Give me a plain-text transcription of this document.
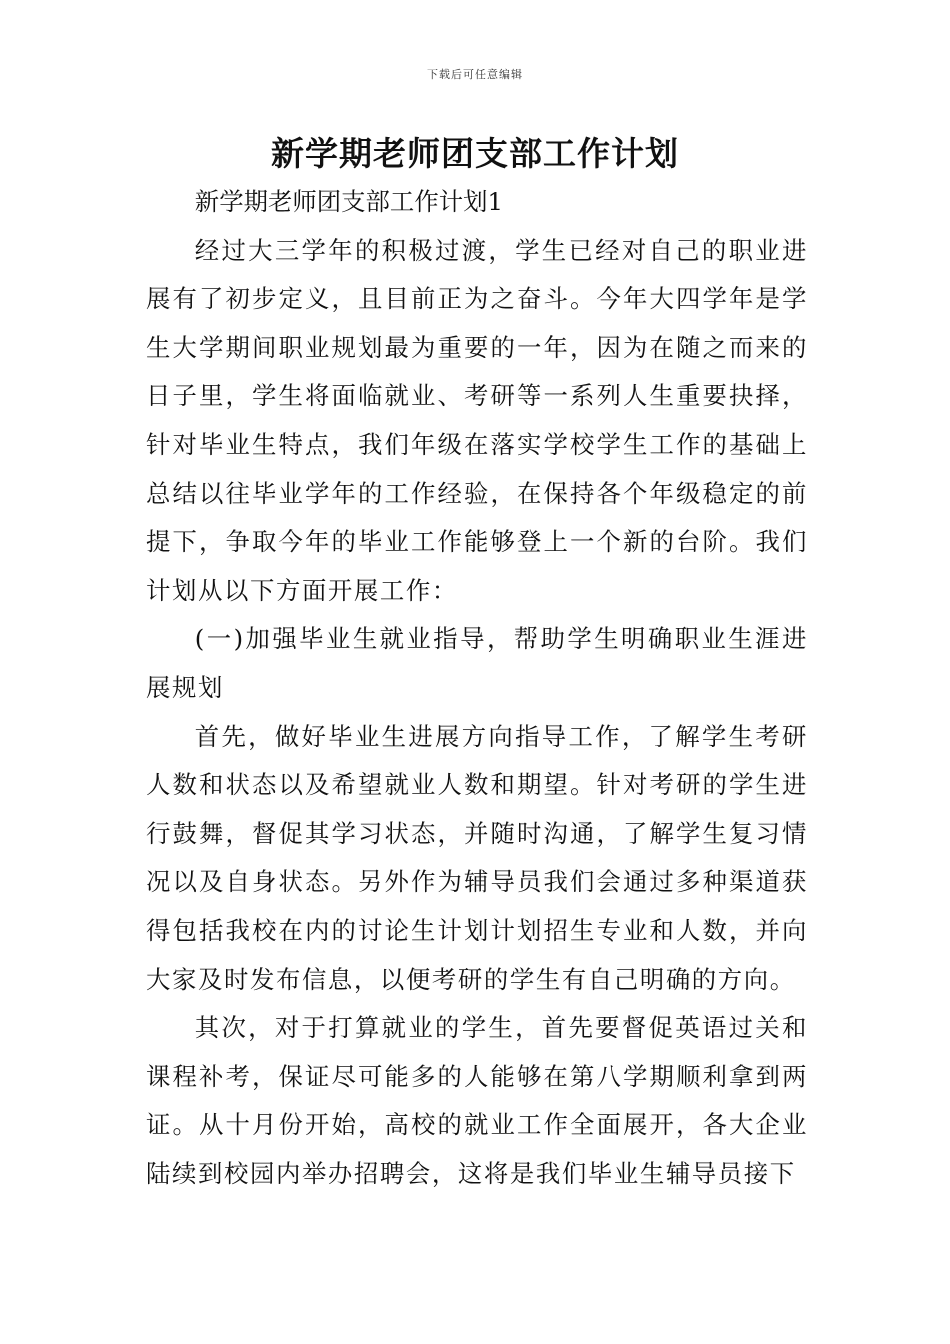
下载后可任意编辑
新学期老师团支部工作计划

新学期老师团支部工作计划1

经过大三学年的积极过渡，学生已经对自己的职业进展有了初步定义，且目前正为之奋斗。今年大四学年是学生大学期间职业规划最为重要的一年，因为在随之而来的日子里，学生将面临就业、考研等一系列人生重要抉择，针对毕业生特点，我们年级在落实学校学生工作的基础上总结以往毕业学年的工作经验，在保持各个年级稳定的前提下，争取今年的毕业工作能够登上一个新的台阶。我们计划从以下方面开展工作：

(一)加强毕业生就业指导，帮助学生明确职业生涯进展规划

首先，做好毕业生进展方向指导工作，了解学生考研人数和状态以及希望就业人数和期望。针对考研的学生进行鼓舞，督促其学习状态，并随时沟通，了解学生复习情况以及自身状态。另外作为辅导员我们会通过多种渠道获得包括我校在内的讨论生计划计划招生专业和人数，并向大家及时发布信息，以便考研的学生有自己明确的方向。

其次，对于打算就业的学生，首先要督促英语过关和课程补考，保证尽可能多的人能够在第八学期顺利拿到两证。从十月份开始，高校的就业工作全面展开，各大企业陆续到校园内举办招聘会，这将是我们毕业生辅导员接下
